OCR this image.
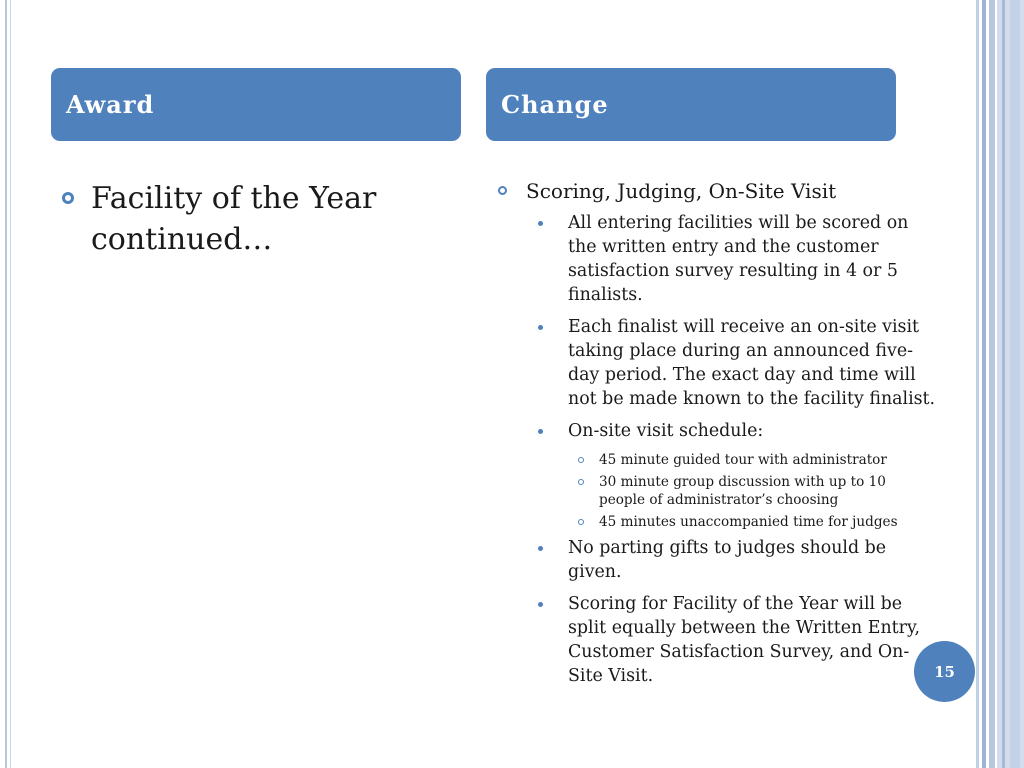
Award	Change
Facility of the Year continued…
Scoring, Judging, On-Site Visit
All entering facilities will be scored on the written entry and the customer satisfaction survey resulting in 4 or 5 finalists.
Each finalist will receive an on-site visit taking place during an announced five-day period. The exact day and time will not be made known to the facility finalist.
On-site visit schedule:
45 minute guided tour with administrator
30 minute group discussion with up to 10 people of administrator’s choosing
45 minutes unaccompanied time for judges
No parting gifts to judges should be given.
Scoring for Facility of the Year will be split equally between the Written Entry, Customer Satisfaction Survey, and On-Site Visit.	15
